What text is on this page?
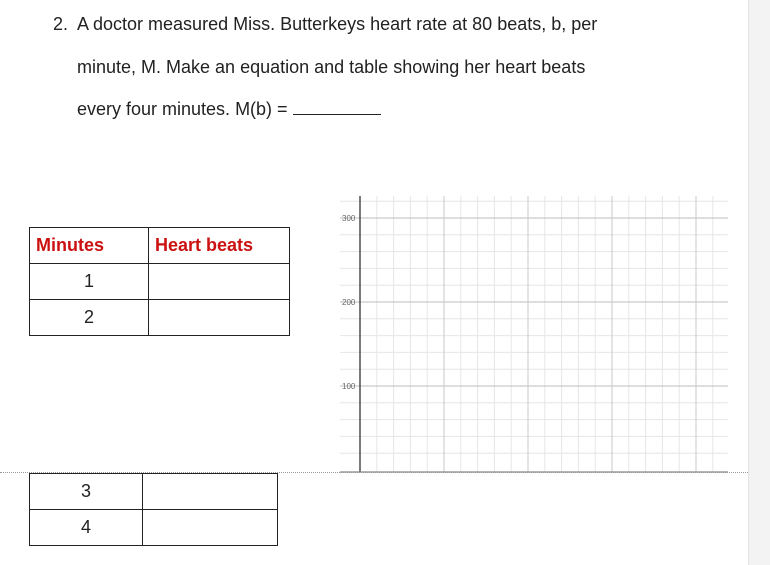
2. A doctor measured Miss. Butterkeys heart rate at 80 beats, b, per
minute, M. Make an equation and table showing her heart beats
every four minutes. M(b) =
Minutes	Heart beats
1	
2	
300
200
100
3	
4	
